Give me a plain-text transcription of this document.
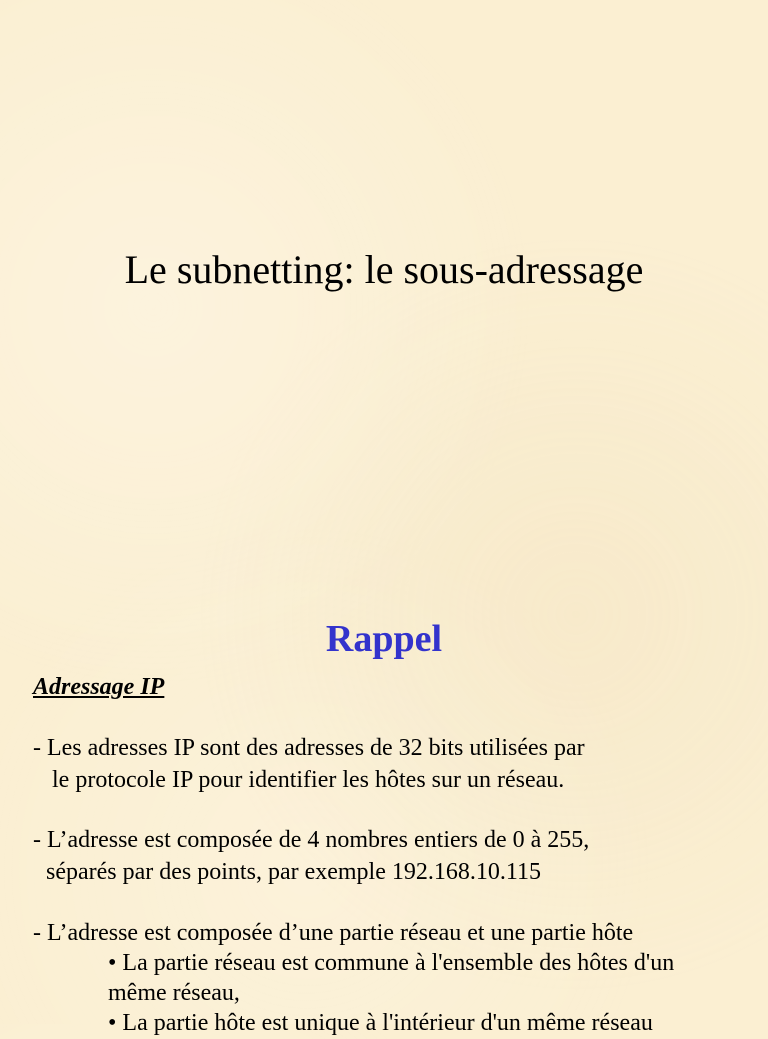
Le subnetting: le sous-adressage
Rappel
Adressage IP

- Les adresses IP sont des adresses de 32 bits utilisées par

le protocole IP pour identifier les hôtes sur un réseau.

- L’adresse est composée de 4 nombres entiers de 0 à 255,

séparés par des points, par exemple 192.168.10.115

- L’adresse est composée d’une partie réseau et une partie hôte

• La partie réseau est commune à l'ensemble des hôtes d'un

même réseau,

• La partie hôte est unique à l'intérieur d'un même réseau
